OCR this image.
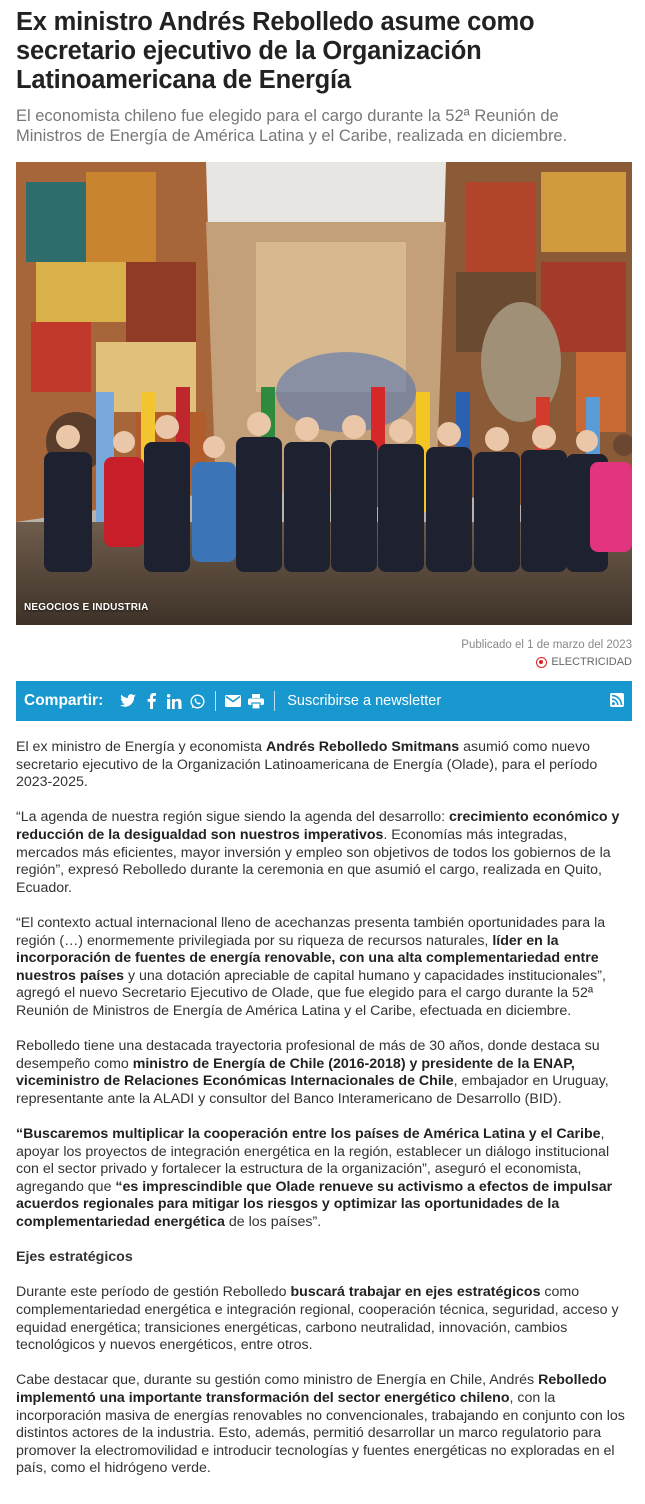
Ex ministro Andrés Rebolledo asume como secretario ejecutivo de la Organización Latinoamericana de Energía

El economista chileno fue elegido para el cargo durante la 52ª Reunión de Ministros de Energía de América Latina y el Caribe, realizada en diciembre.

NEGOCIOS E INDUSTRIA
Publicado el 1 de marzo del 2023
ELECTRICIDAD
Compartir:	Suscribirse a newsletter

El ex ministro de Energía y economista Andrés Rebolledo Smitmans asumió como nuevo secretario ejecutivo de la Organización Latinoamericana de Energía (Olade), para el período 2023-2025.

“La agenda de nuestra región sigue siendo la agenda del desarrollo: crecimiento económico y reducción de la desigualdad son nuestros imperativos. Economías más integradas, mercados más eficientes, mayor inversión y empleo son objetivos de todos los gobiernos de la región”, expresó Rebolledo durante la ceremonia en que asumió el cargo, realizada en Quito, Ecuador.

“El contexto actual internacional lleno de acechanzas presenta también oportunidades para la región (…) enormemente privilegiada por su riqueza de recursos naturales, líder en la incorporación de fuentes de energía renovable, con una alta complementariedad entre nuestros países y una dotación apreciable de capital humano y capacidades institucionales”, agregó el nuevo Secretario Ejecutivo de Olade, que fue elegido para el cargo durante la 52ª Reunión de Ministros de Energía de América Latina y el Caribe, efectuada en diciembre.

Rebolledo tiene una destacada trayectoria profesional de más de 30 años, donde destaca su desempeño como ministro de Energía de Chile (2016-2018) y presidente de la ENAP, viceministro de Relaciones Económicas Internacionales de Chile, embajador en Uruguay, representante ante la ALADI y consultor del Banco Interamericano de Desarrollo (BID).

“Buscaremos multiplicar la cooperación entre los países de América Latina y el Caribe, apoyar los proyectos de integración energética en la región, establecer un diálogo institucional con el sector privado y fortalecer la estructura de la organización”, aseguró el economista, agregando que “es imprescindible que Olade renueve su activismo a efectos de impulsar acuerdos regionales para mitigar los riesgos y optimizar las oportunidades de la complementariedad energética de los países”.

Ejes estratégicos

Durante este período de gestión Rebolledo buscará trabajar en ejes estratégicos como complementariedad energética e integración regional, cooperación técnica, seguridad, acceso y equidad energética; transiciones energéticas, carbono neutralidad, innovación, cambios tecnológicos y nuevos energéticos, entre otros.

Cabe destacar que, durante su gestión como ministro de Energía en Chile, Andrés Rebolledo implementó una importante transformación del sector energético chileno, con la incorporación masiva de energías renovables no convencionales, trabajando en conjunto con los distintos actores de la industria. Esto, además, permitió desarrollar un marco regulatorio para promover la electromovilidad e introducir tecnologías y fuentes energéticas no exploradas en el país, como el hidrógeno verde.
